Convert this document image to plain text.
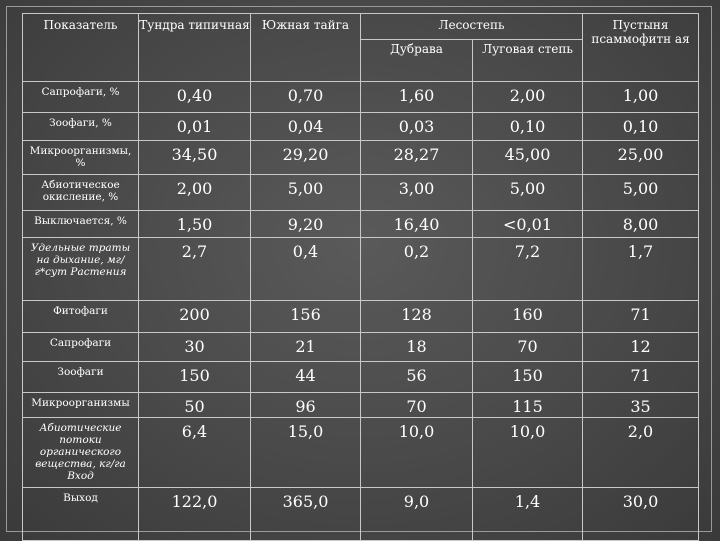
Показатель	Тундра типичная	Южная тайга	Лесостепь		Пустыня псаммофитн ая
			Дубрава	Луговая степь	
Сапрофаги, %	0,40	0,70	1,60	2,00	1,00
Зоофаги, %	0,01	0,04	0,03	0,10	0,10
Микроорганизмы, %	34,50	29,20	28,27	45,00	25,00
Абиотическое окисление, %	2,00	5,00	3,00	5,00	5,00
Выключается, %	1,50	9,20	16,40	<0,01	8,00
Удельные траты на дыхание, мг/г*сут Растения	2,7	0,4	0,2	7,2	1,7
Фитофаги	200	156	128	160	71
Сапрофаги	30	21	18	70	12
Зоофаги	150	44	56	150	71
Микроорганизмы	50	96	70	115	35
Абиотические потоки органического вещества, кг/га Вход	6,4	15,0	10,0	10,0	2,0
Выход	122,0	365,0	9,0	1,4	30,0
